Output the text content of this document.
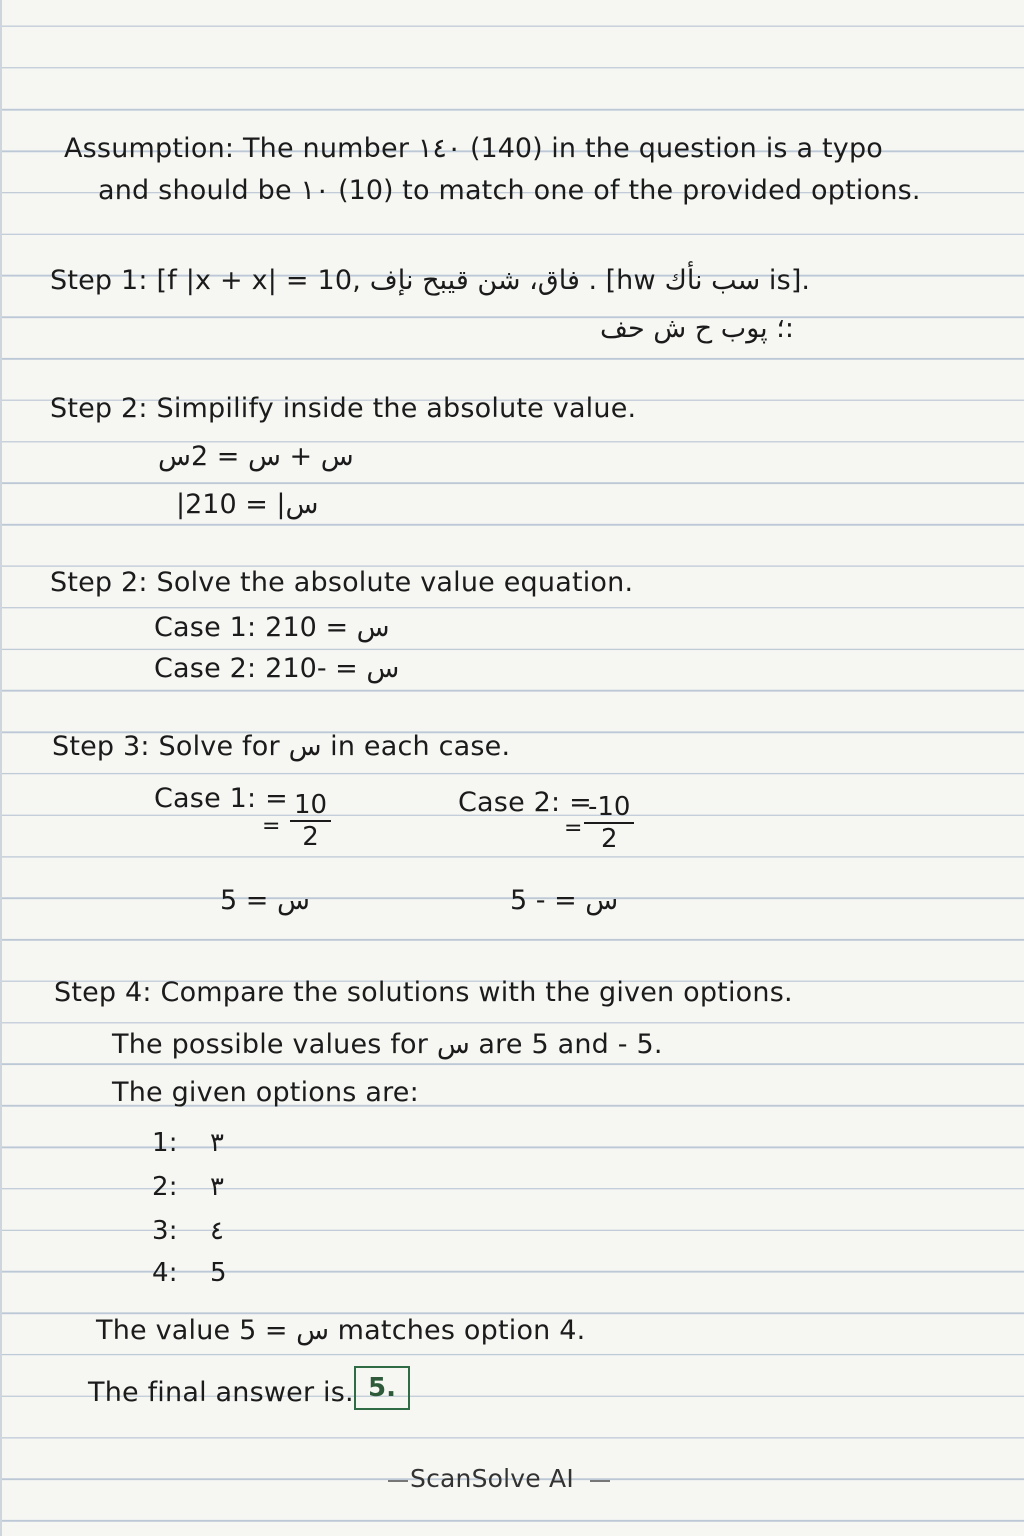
Assumption: The number ١٤٠ (140) in the question is a typo
and should be ١٠ (10) to match one of the provided options.
Step 1: [f |x + x| = 10, فاق، شن قيبح نإف . [hw سب نأك is].
؛ پوب ح ش حف:
Step 2: Simpilify inside the absolute value.
س + س = 2س
|2س| = 10
Step 2: Solve the absolute value equation.
Case 1: 2س = 10
Case 2: 2س = -10
Step 3: Solve for س in each case.
Case 1: =
= $\frac{10}{2}$
س = 5
Case 2: =
= $\frac{-10}{2}$
س = - 5
Step 4: Compare the solutions with the given options.
The possible values for س are 5 and - 5.
The given options are:
1: ٣
2: ٣
3: ٤
4: 5
The value س = 5 matches option 4.
The final answer is. 5.
ScanSolve AI
